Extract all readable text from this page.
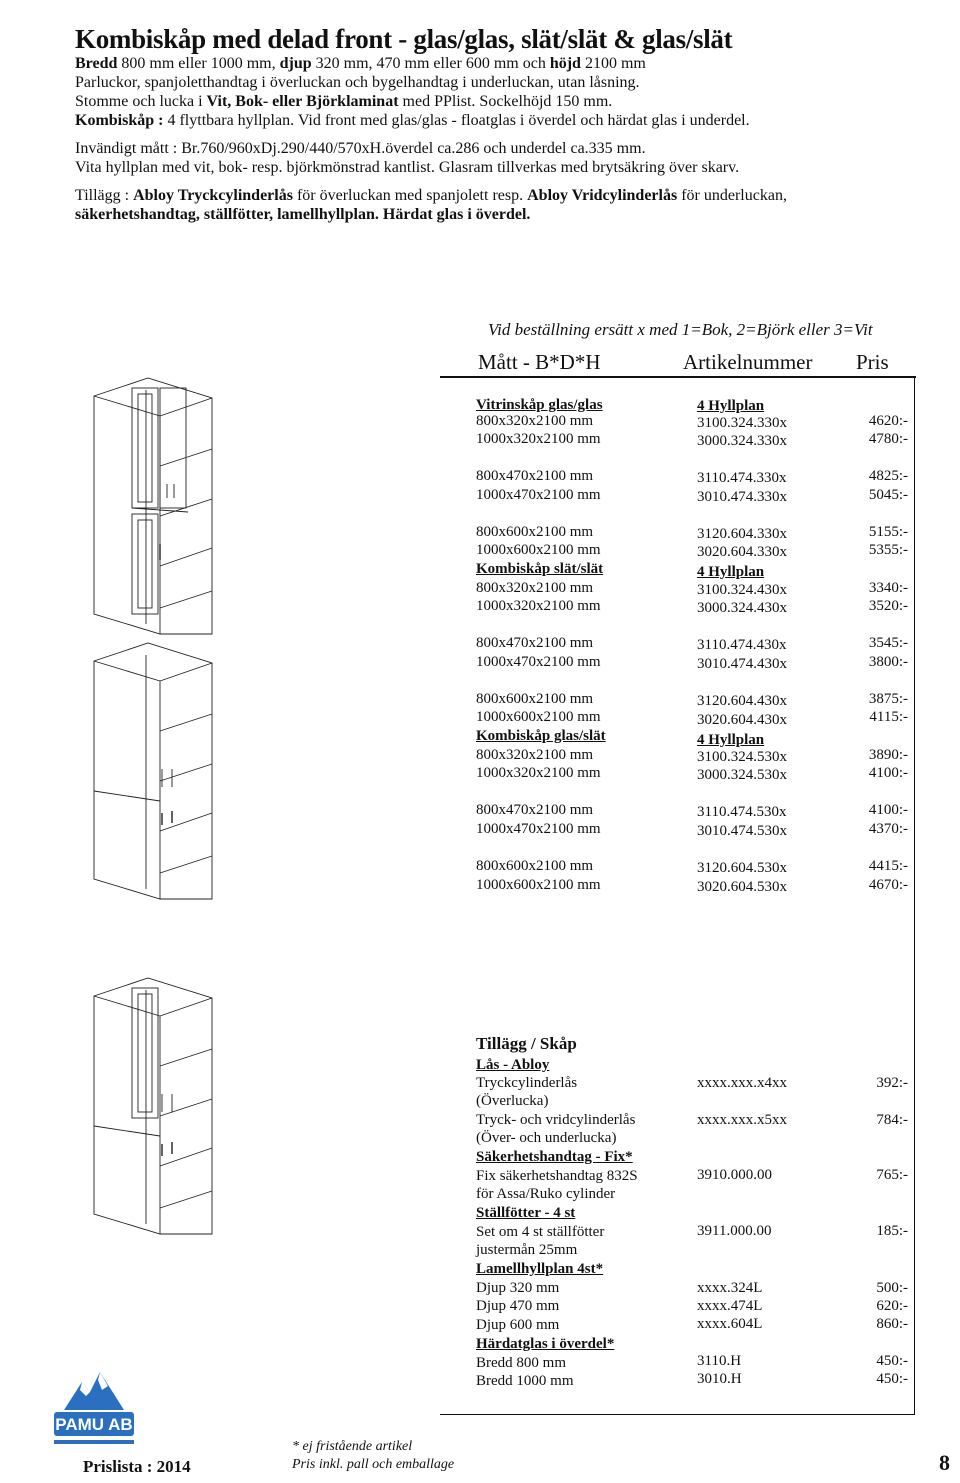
Kombiskåp med delad front - glas/glas, slät/slät & glas/slät
Bredd 800 mm eller 1000 mm, djup 320 mm, 470 mm eller 600 mm och höjd 2100 mm
Parluckor, spanjoletthandtag i överluckan och bygelhandtag i underluckan, utan låsning.
Stomme och lucka i Vit, Bok- eller Björklaminat med PPlist. Sockelhöjd 150 mm.
Kombiskåp : 4 flyttbara hyllplan. Vid front med glas/glas - floatglas i överdel och härdat glas i underdel.
Invändigt mått : Br.760/960xDj.290/440/570xH.överdel ca.286 och underdel ca.335 mm.
Vita hyllplan med vit, bok- resp. björkmönstrad kantlist. Glasram tillverkas med brytsäkring över skarv.
Tillägg : Abloy Tryckcylinderlås för överluckan med spanjolett resp. Abloy Vridcylinderlås för underluckan,
säkerhetshandtag, ställfötter, lamellhyllplan. Härdat glas i överdel.
Vid beställning ersätt x med 1=Bok, 2=Björk eller 3=Vit
Mått - B*D*H	Artikelnummer Pris
Vitrinskåp glas/glas	4 Hyllplan
800x320x2100 mm	3100.324.330x	4620:-
1000x320x2100 mm	3000.324.330x	4780:-
800x470x2100 mm	3110.474.330x	4825:-
1000x470x2100 mm	3010.474.330x	5045:-
800x600x2100 mm	3120.604.330x	5155:-
1000x600x2100 mm	3020.604.330x	5355:-
Kombiskåp slät/slät	4 Hyllplan
800x320x2100 mm	3100.324.430x	3340:-
1000x320x2100 mm	3000.324.430x	3520:-
800x470x2100 mm	3110.474.430x	3545:-
1000x470x2100 mm	3010.474.430x	3800:-
800x600x2100 mm	3120.604.430x	3875:-
1000x600x2100 mm	3020.604.430x	4115:-
Kombiskåp glas/slät	4 Hyllplan
800x320x2100 mm	3100.324.530x	3890:-
1000x320x2100 mm	3000.324.530x	4100:-
800x470x2100 mm	3110.474.530x	4100:-
1000x470x2100 mm	3010.474.530x	4370:-
800x600x2100 mm	3120.604.530x	4415:-
1000x600x2100 mm	3020.604.530x	4670:-
Tillägg / Skåp
Lås - Abloy
Tryckcylinderlås
(Överlucka)
xxxx.xxx.x4xx	392:-
Tryck- och vridcylinderlås
(Över- och underlucka)
xxxx.xxx.x5xx	784:-
Säkerhetshandtag - Fix*
Fix säkerhetshandtag 832S
för Assa/Ruko cylinder
3910.000.00	765:-
Ställfötter - 4 st
Set om 4 st ställfötter
justermån 25mm
3911.000.00	185:-
Lamellhyllplan 4st*
Djup 320 mm	xxxx.324L	500:-
Djup 470 mm	xxxx.474L	620:-
Djup 600 mm	xxxx.604L	860:-
Härdatglas i överdel*
Bredd 800 mm	3110.H	450:-
Bredd 1000 mm	3010.H	450:-
PAMU AB
Prislista : 2014
* ej fristående artikel
Pris inkl. pall och emballage	8
